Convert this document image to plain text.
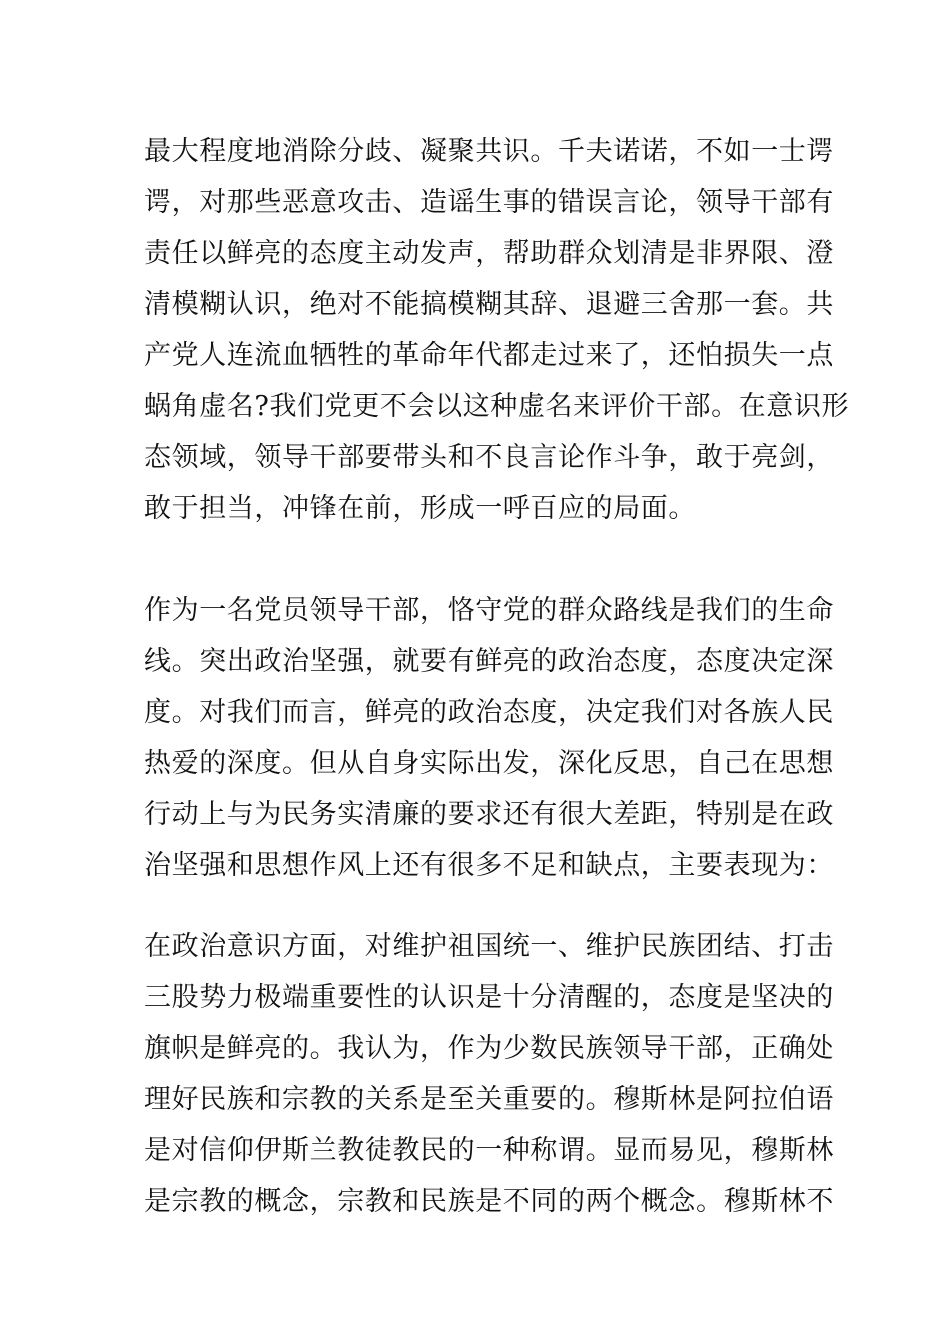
最大程度地消除分歧、凝聚共识。千夫诺诺，不如一士谔
谔，对那些恶意攻击、造谣生事的错误言论，领导干部有
责任以鲜亮的态度主动发声，帮助群众划清是非界限、澄
清模糊认识，绝对不能搞模糊其辞、退避三舍那一套。共
产党人连流血牺牲的革命年代都走过来了，还怕损失一点
蜗角虚名?我们党更不会以这种虚名来评价干部。在意识形
态领域，领导干部要带头和不良言论作斗争，敢于亮剑，
敢于担当，冲锋在前，形成一呼百应的局面。
作为一名党员领导干部，恪守党的群众路线是我们的生命
线。突出政治坚强，就要有鲜亮的政治态度，态度决定深
度。对我们而言，鲜亮的政治态度，决定我们对各族人民
热爱的深度。但从自身实际出发，深化反思，自己在思想
行动上与为民务实清廉的要求还有很大差距，特别是在政
治坚强和思想作风上还有很多不足和缺点，主要表现为：
在政治意识方面，对维护祖国统一、维护民族团结、打击
三股势力极端重要性的认识是十分清醒的，态度是坚决的
旗帜是鲜亮的。我认为，作为少数民族领导干部，正确处
理好民族和宗教的关系是至关重要的。穆斯林是阿拉伯语
是对信仰伊斯兰教徒教民的一种称谓。显而易见，穆斯林
是宗教的概念，宗教和民族是不同的两个概念。穆斯林不
